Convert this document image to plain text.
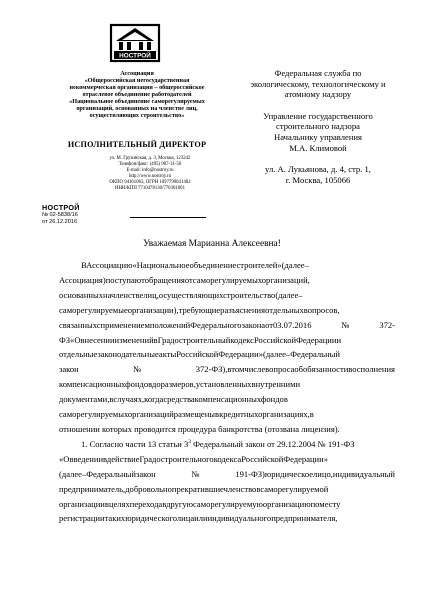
НОСТРОЙ
Ассоциация
«Общероссийская негосударственная
некоммерческая организация – общероссийское
отраслевое объединение работодателей
«Национальное объединение саморегулируемых
организаций, основанных на членстве лиц,
осуществляющих строительство»
ИСПОЛНИТЕЛЬНЫЙ ДИРЕКТОР
ул. М. Грузинская, д. 3, Москва, 123242
Телефон/факс: (495) 987-31-50
E-mail: info@nostroy.ru
http://www.nostroy.ru
ОКПО 94161063, ОГРН 1097799041482
ИНН/КПП 7710478130/770301001
НОСТРОЙ
№ 02-5838/16
от 26.12.2016
Федеральная служба по
экологическому, технологическому и
атомному надзору
Управление государственного
строительного надзора
Начальнику управления
М.А. Климовой
ул. А. Лукьянова, д. 4, стр. 1,
г. Москва, 105066
Уважаемая Марианна Алексеевна!
ВАссоциацию«Национальноеобъединениестроителей»(далее–
Ассоциация)поступаютобращенияотсаморегулируемыхорганизаций,
основанныхначленствелиц,осуществляющихстроительство(далее–
саморегулируемыеорганизации),требующиеразъясненияотдельныхвопросов,
связанныхсприменениемположенийФедеральногозаконаот03.07.2016№372-
ФЗ«ОвнесенииизмененийвГрадостроительныйкодексРоссийскойФедерациии
отдельныезаконодательныеактыРоссийскойФедерации»(далее–Федеральный
закон№372-ФЗ),втомчислевопросаобобязанностивосполнения
компенсационныхфондовдоразмеров,установленныхвнутренними
документами,вслучаях,когдасредствакомпенсационныхфондов
саморегулируемыхорганизацийразмещенывкредитныхорганизациях,в
отношении которых проводится процедура банкротства (отозвана лицензия).
1. Согласно части 13 статьи $3^3$ Федеральный закон от 29.12.2004 № 191-ФЗ
«ОвведениивдействиеГрадостроительногокодексаРоссийскойФедерации»
(далее–Федеральныйзакон№191-ФЗ)юридическоелицо,индивидуальный
предприниматель,добровольнопрекратившиечленствовсаморегулируемой
организациивцеляхпереходавдругуюсаморегулируемуюорганизациюпоместу
регистрациитакихюридическоголицаилииндивидуальногопредпринимателя,
